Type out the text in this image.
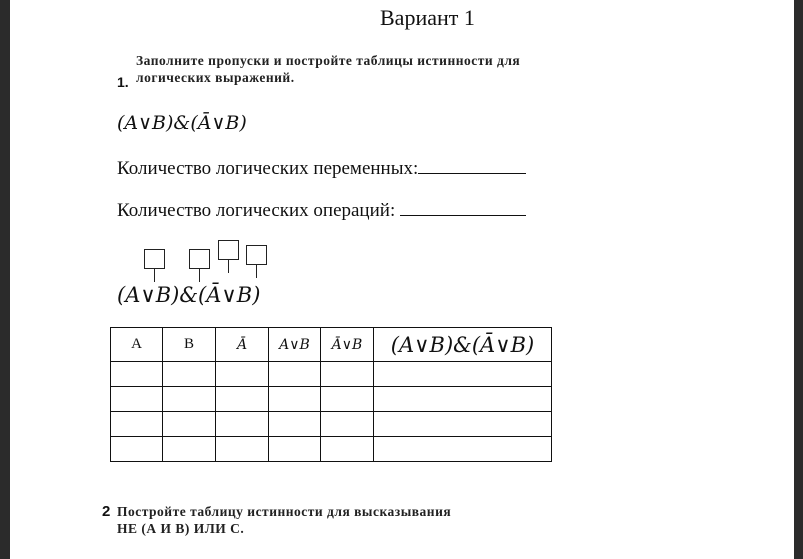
Вариант 1
Заполните пропуски и постройте таблицы истинности для
1. логических выражений.
(A∨B)&(Ā∨B)
Количество логических переменных:
Количество логических операций:
(A∨B)&(Ā∨B)
A	B	Ā	A∨B	Ā∨B	(A∨B)&(Ā∨B)

2 Постройте таблицу истинности для высказывания
НЕ (А И В) ИЛИ С.
